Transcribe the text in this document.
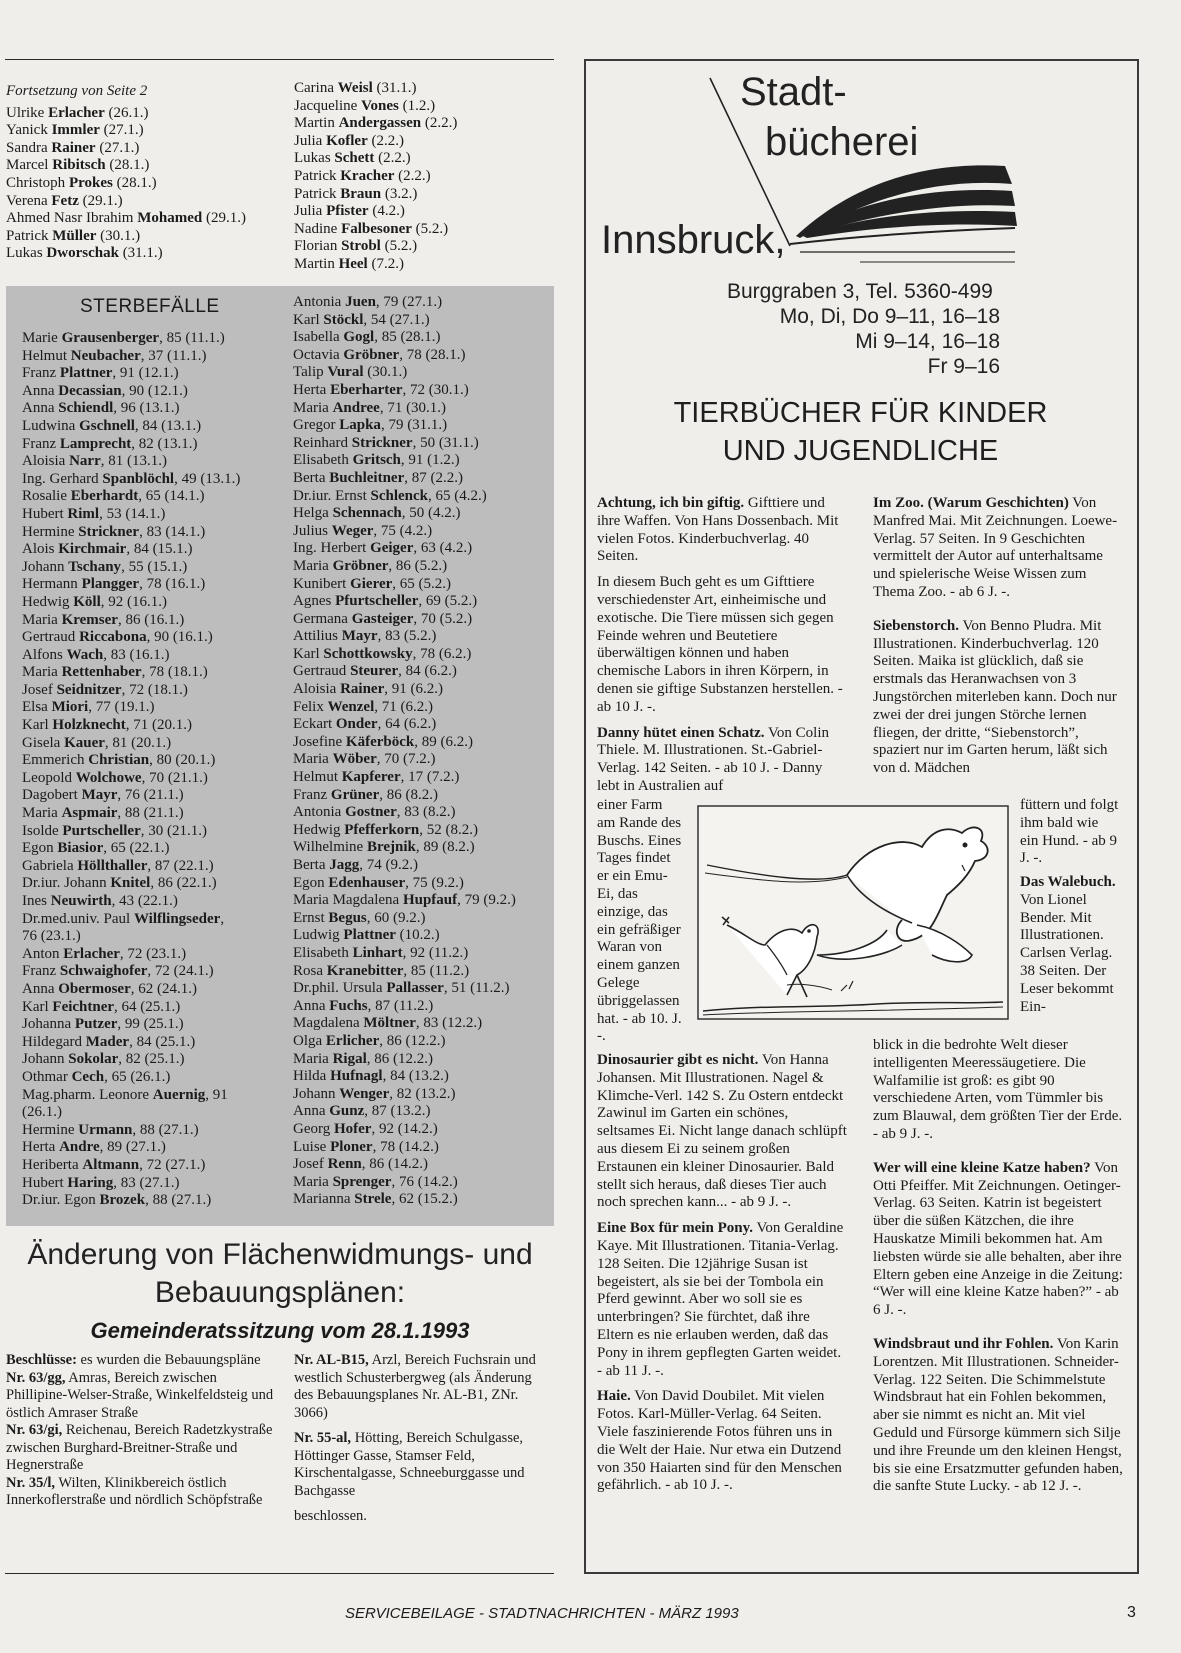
Fortsetzung von Seite 2
Ulrike Erlacher (26.1.)
Yanick Immler (27.1.)
Sandra Rainer (27.1.)
Marcel Ribitsch (28.1.)
Christoph Prokes (28.1.)
Verena Fetz (29.1.)
Ahmed Nasr Ibrahim Mohamed (29.1.)
Patrick Müller (30.1.)
Lukas Dworschak (31.1.)
Carina Weisl (31.1.)
Jacqueline Vones (1.2.)
Martin Andergassen (2.2.)
Julia Kofler (2.2.)
Lukas Schett (2.2.)
Patrick Kracher (2.2.)
Patrick Braun (3.2.)
Julia Pfister (4.2.)
Nadine Falbesoner (5.2.)
Florian Strobl (5.2.)
Martin Heel (7.2.)
STERBEFÄLLE
Marie Grausenberger, 85 (11.1.)
Helmut Neubacher, 37 (11.1.)
Franz Plattner, 91 (12.1.)
Anna Decassian, 90 (12.1.)
Anna Schiendl, 96 (13.1.)
Ludwina Gschnell, 84 (13.1.)
Franz Lamprecht, 82 (13.1.)
Aloisia Narr, 81 (13.1.)
Ing. Gerhard Spanblöchl, 49 (13.1.)
Rosalie Eberhardt, 65 (14.1.)
Hubert Riml, 53 (14.1.)
Hermine Strickner, 83 (14.1.)
Alois Kirchmair, 84 (15.1.)
Johann Tschany, 55 (15.1.)
Hermann Plangger, 78 (16.1.)
Hedwig Köll, 92 (16.1.)
Maria Kremser, 86 (16.1.)
Gertraud Riccabona, 90 (16.1.)
Alfons Wach, 83 (16.1.)
Maria Rettenhaber, 78 (18.1.)
Josef Seidnitzer, 72 (18.1.)
Elsa Miori, 77 (19.1.)
Karl Holzknecht, 71 (20.1.)
Gisela Kauer, 81 (20.1.)
Emmerich Christian, 80 (20.1.)
Leopold Wolchowe, 70 (21.1.)
Dagobert Mayr, 76 (21.1.)
Maria Aspmair, 88 (21.1.)
Isolde Purtscheller, 30 (21.1.)
Egon Biasior, 65 (22.1.)
Gabriela Höllthaller, 87 (22.1.)
Dr.iur. Johann Knitel, 86 (22.1.)
Ines Neuwirth, 43 (22.1.)
Dr.med.univ. Paul Wilflingseder,
76 (23.1.)
Anton Erlacher, 72 (23.1.)
Franz Schwaighofer, 72 (24.1.)
Anna Obermoser, 62 (24.1.)
Karl Feichtner, 64 (25.1.)
Johanna Putzer, 99 (25.1.)
Hildegard Mader, 84 (25.1.)
Johann Sokolar, 82 (25.1.)
Othmar Cech, 65 (26.1.)
Mag.pharm. Leonore Auernig, 91
(26.1.)
Hermine Urmann, 88 (27.1.)
Herta Andre, 89 (27.1.)
Heriberta Altmann, 72 (27.1.)
Hubert Haring, 83 (27.1.)
Dr.iur. Egon Brozek, 88 (27.1.)
Antonia Juen, 79 (27.1.)
Karl Stöckl, 54 (27.1.)
Isabella Gogl, 85 (28.1.)
Octavia Gröbner, 78 (28.1.)
Talip Vural (30.1.)
Herta Eberharter, 72 (30.1.)
Maria Andree, 71 (30.1.)
Gregor Lapka, 79 (31.1.)
Reinhard Strickner, 50 (31.1.)
Elisabeth Gritsch, 91 (1.2.)
Berta Buchleitner, 87 (2.2.)
Dr.iur. Ernst Schlenck, 65 (4.2.)
Helga Schennach, 50 (4.2.)
Julius Weger, 75 (4.2.)
Ing. Herbert Geiger, 63 (4.2.)
Maria Gröbner, 86 (5.2.)
Kunibert Gierer, 65 (5.2.)
Agnes Pfurtscheller, 69 (5.2.)
Germana Gasteiger, 70 (5.2.)
Attilius Mayr, 83 (5.2.)
Karl Schottkowsky, 78 (6.2.)
Gertraud Steurer, 84 (6.2.)
Aloisia Rainer, 91 (6.2.)
Felix Wenzel, 71 (6.2.)
Eckart Onder, 64 (6.2.)
Josefine Käferböck, 89 (6.2.)
Maria Wöber, 70 (7.2.)
Helmut Kapferer, 17 (7.2.)
Franz Grüner, 86 (8.2.)
Antonia Gostner, 83 (8.2.)
Hedwig Pfefferkorn, 52 (8.2.)
Wilhelmine Brejnik, 89 (8.2.)
Berta Jagg, 74 (9.2.)
Egon Edenhauser, 75 (9.2.)
Maria Magdalena Hupfauf, 79 (9.2.)
Ernst Begus, 60 (9.2.)
Ludwig Plattner (10.2.)
Elisabeth Linhart, 92 (11.2.)
Rosa Kranebitter, 85 (11.2.)
Dr.phil. Ursula Pallasser, 51 (11.2.)
Anna Fuchs, 87 (11.2.)
Magdalena Möltner, 83 (12.2.)
Olga Erlicher, 86 (12.2.)
Maria Rigal, 86 (12.2.)
Hilda Hufnagl, 84 (13.2.)
Johann Wenger, 82 (13.2.)
Anna Gunz, 87 (13.2.)
Georg Hofer, 92 (14.2.)
Luise Ploner, 78 (14.2.)
Josef Renn, 86 (14.2.)
Maria Sprenger, 76 (14.2.)
Marianna Strele, 62 (15.2.)
Änderung von Flächenwidmungs- und
Bebauungsplänen:
Gemeinderatssitzung vom 28.1.1993

Beschlüsse: es wurden die Bebauungspläne

Nr. 63/gg, Amras, Bereich zwischen Phillipine-Welser-Straße, Winkelfeldsteig und östlich Amraser Straße

Nr. 63/gi, Reichenau, Bereich Radetzkystraße zwischen Burghard-Breitner-Straße und Hegnerstraße

Nr. 35/l, Wilten, Klinikbereich östlich Innerkoflerstraße und nördlich Schöpfstraße

Nr. AL-B15, Arzl, Bereich Fuchsrain und westlich Schusterbergweg (als Änderung des Bebauungsplanes Nr. AL-B1, ZNr. 3066)

Nr. 55-al, Hötting, Bereich Schulgasse, Höttinger Gasse, Stamser Feld, Kirschentalgasse, Schneeburggasse und Bachgasse

beschlossen.

Stadt-
bücherei
Innsbruck,
Burggraben 3, Tel. 5360-499
Mo, Di, Do 9–11, 16–18
Mi 9–14, 16–18
Fr 9–16
TIERBÜCHER FÜR KINDER
UND JUGENDLICHE

Achtung, ich bin giftig. Gifttiere und ihre Waffen. Von Hans Dossenbach. Mit vielen Fotos. Kinderbuchverlag. 40 Seiten.

In diesem Buch geht es um Gifttiere verschiedenster Art, einheimische und exotische. Die Tiere müssen sich gegen Feinde wehren und Beutetiere überwältigen können und haben chemische Labors in ihren Körpern, in denen sie giftige Substanzen herstellen. - ab 10 J. -.

Danny hütet einen Schatz. Von Colin Thiele. M. Illustrationen. St.-Gabriel-Verlag. 142 Seiten. - ab 10 J. - Danny lebt in Australien auf

einer Farm am Rande des Buschs. Eines Tages findet er ein Emu-Ei, das einzige, das ein gefräßiger Waran von einem ganzen Gelege übriggelassen hat. - ab 10. J. -.

Dinosaurier gibt es nicht. Von Hanna Johansen. Mit Illustrationen. Nagel & Klimche-Verl. 142 S. Zu Ostern entdeckt Zawinul im Garten ein schönes, seltsames Ei. Nicht lange danach schlüpft aus diesem Ei zu seinem großen Erstaunen ein kleiner Dinosaurier. Bald stellt sich heraus, daß dieses Tier auch noch sprechen kann... - ab 9 J. -.

Eine Box für mein Pony. Von Geraldine Kaye. Mit Illustrationen. Titania-Verlag. 128 Seiten. Die 12jährige Susan ist begeistert, als sie bei der Tombola ein Pferd gewinnt. Aber wo soll sie es unterbringen? Sie fürchtet, daß ihre Eltern es nie erlauben werden, daß das Pony in ihrem gepflegten Garten weidet. - ab 11 J. -.

Haie. Von David Doubilet. Mit vielen Fotos. Karl-Müller-Verlag. 64 Seiten. Viele faszinierende Fotos führen uns in die Welt der Haie. Nur etwa ein Dutzend von 350 Haiarten sind für den Menschen gefährlich. - ab 10 J. -.

Im Zoo. (Warum Geschichten) Von Manfred Mai. Mit Zeichnungen. Loewe-Verlag. 57 Seiten. In 9 Geschichten vermittelt der Autor auf unterhaltsame und spielerische Weise Wissen zum Thema Zoo. - ab 6 J. -.

Siebenstorch. Von Benno Pludra. Mit Illustrationen. Kinderbuchverlag. 120 Seiten. Maika ist glücklich, daß sie erstmals das Heranwachsen von 3 Jungstörchen miterleben kann. Doch nur zwei der drei jungen Störche lernen fliegen, der dritte, “Siebenstorch”, spaziert nur im Garten herum, läßt sich von d. Mädchen

füttern und folgt ihm bald wie ein Hund. - ab 9 J. -.
Das Walebuch. Von Lionel Bender. Mit Illustrationen. Carlsen Verlag. 38 Seiten. Der Leser bekommt Ein-

blick in die bedrohte Welt dieser intelligenten Meeressäugetiere. Die Walfamilie ist groß: es gibt 90 verschiedene Arten, vom Tümmler bis zum Blauwal, dem größten Tier der Erde. - ab 9 J. -.

Wer will eine kleine Katze haben? Von Otti Pfeiffer. Mit Zeichnungen. Oetinger-Verlag. 63 Seiten. Katrin ist begeistert über die süßen Kätzchen, die ihre Hauskatze Mimili bekommen hat. Am liebsten würde sie alle behalten, aber ihre Eltern geben eine Anzeige in die Zeitung: “Wer will eine kleine Katze haben?” - ab 6 J. -.

Windsbraut und ihr Fohlen. Von Karin Lorentzen. Mit Illustrationen. Schneider-Verlag. 122 Seiten. Die Schimmelstute Windsbraut hat ein Fohlen bekommen, aber sie nimmt es nicht an. Mit viel Geduld und Fürsorge kümmern sich Silje und ihre Freunde um den kleinen Hengst, bis sie eine Ersatzmutter gefunden haben, die sanfte Stute Lucky. - ab 12 J. -.

SERVICEBEILAGE - STADTNACHRICHTEN - MÄRZ 1993	3
